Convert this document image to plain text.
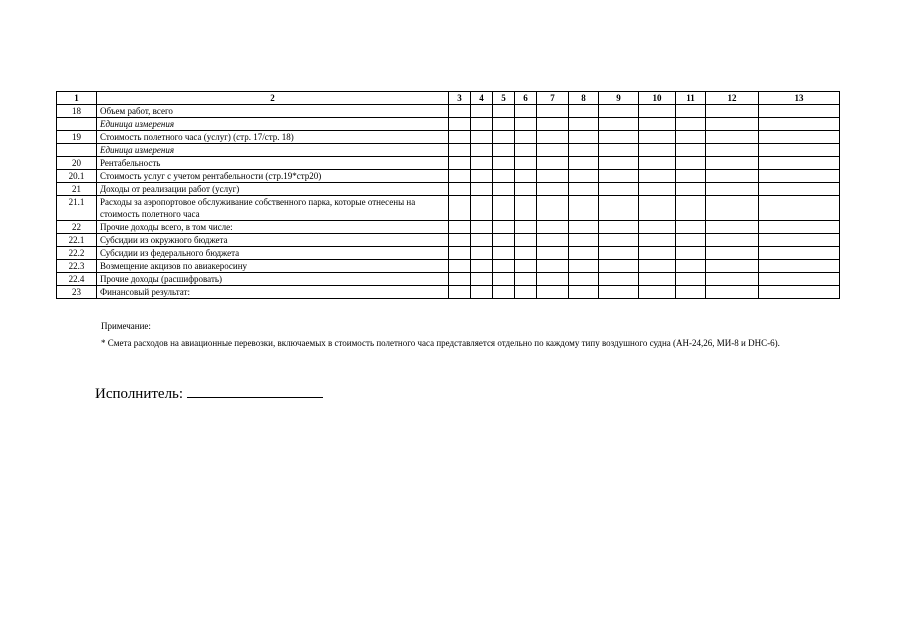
1	2	3	4	5	6	7	8	9	10	11	12	13
18	Объем работ, всего											
	Единица измерения											
19	Стоимость полетного часа (услуг) (стр. 17/стр. 18)											
	Единица измерения											
20	Рентабельность											
20.1	Стоимость услуг с учетом рентабельности (стр.19*стр20)											
21	Доходы от реализации работ (услуг)											
21.1	Расходы за аэропортовое обслуживание собственного парка, которые отнесены на стоимость полетного часа											
22	Прочие доходы всего, в том числе:											
22.1	Субсидии из окружного бюджета											
22.2	Субсидии из федерального бюджета											
22.3	Возмещение акцизов по авиакеросину											
22.4	Прочие доходы (расшифровать)											
23	Финансовый результат:											
Примечание:
* Смета расходов на авиационные перевозки, включаемых в стоимость полетного часа представляется отдельно по каждому типу воздушного судна (АН-24,26, МИ-8 и DHC-6).
Исполнитель:
